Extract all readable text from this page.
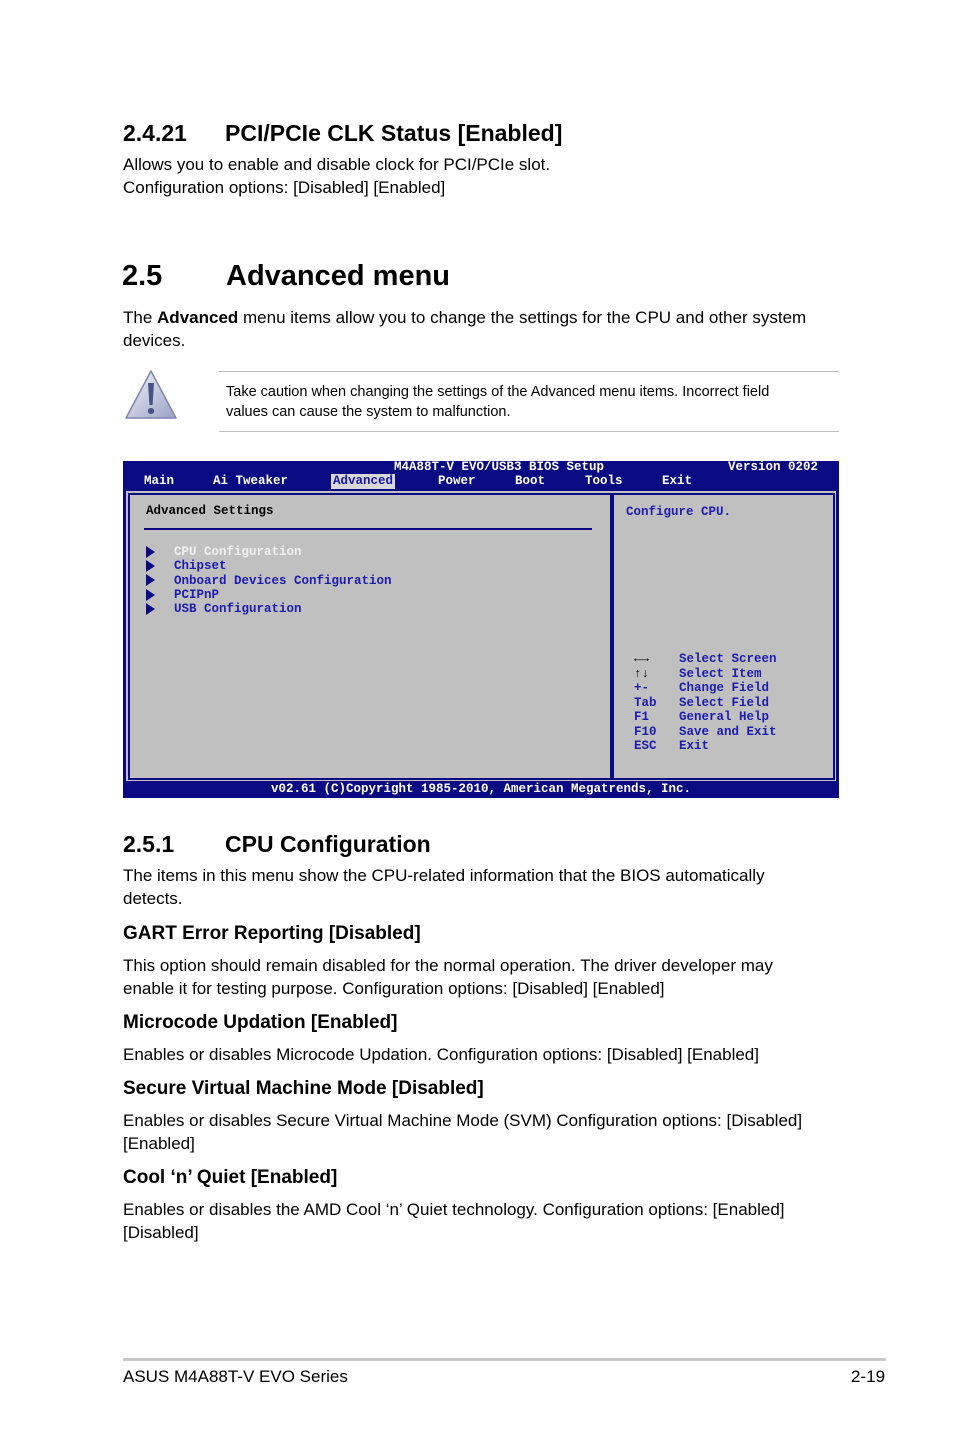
2.4.21 PCI/PCIe CLK Status [Enabled]
Allows you to enable and disable clock for PCI/PCIe slot.
Configuration options: [Disabled] [Enabled]
2.5 Advanced menu
The Advanced menu items allow you to change the settings for the CPU and other system
devices.
Take caution when changing the settings of the Advanced menu items. Incorrect field
values can cause the system to malfunction.
M4A88T-V EVO/USB3 BIOS Setup	Version 0202
Main	Ai Tweaker	Advanced	Power	Boot	Tools	Exit
Advanced Settings
CPU Configuration
Chipset
Onboard Devices Configuration
PCIPnP
USB Configuration
Configure CPU.
←→ Select Screen
↑↓ Select Item
+- Change Field
Tab Select Field
F1 General Help
F10 Save and Exit
ESC Exit
v02.61 (C)Copyright 1985-2010, American Megatrends, Inc.
2.5.1 CPU Configuration
The items in this menu show the CPU-related information that the BIOS automatically
detects.
GART Error Reporting [Disabled]
This option should remain disabled for the normal operation. The driver developer may
enable it for testing purpose. Configuration options: [Disabled] [Enabled]
Microcode Updation [Enabled]
Enables or disables Microcode Updation. Configuration options: [Disabled] [Enabled]
Secure Virtual Machine Mode [Disabled]
Enables or disables Secure Virtual Machine Mode (SVM) Configuration options: [Disabled]
[Enabled]
Cool ‘n’ Quiet [Enabled]
Enables or disables the AMD Cool ‘n’ Quiet technology. Configuration options: [Enabled]
[Disabled]
ASUS M4A88T-V EVO Series	2-19
